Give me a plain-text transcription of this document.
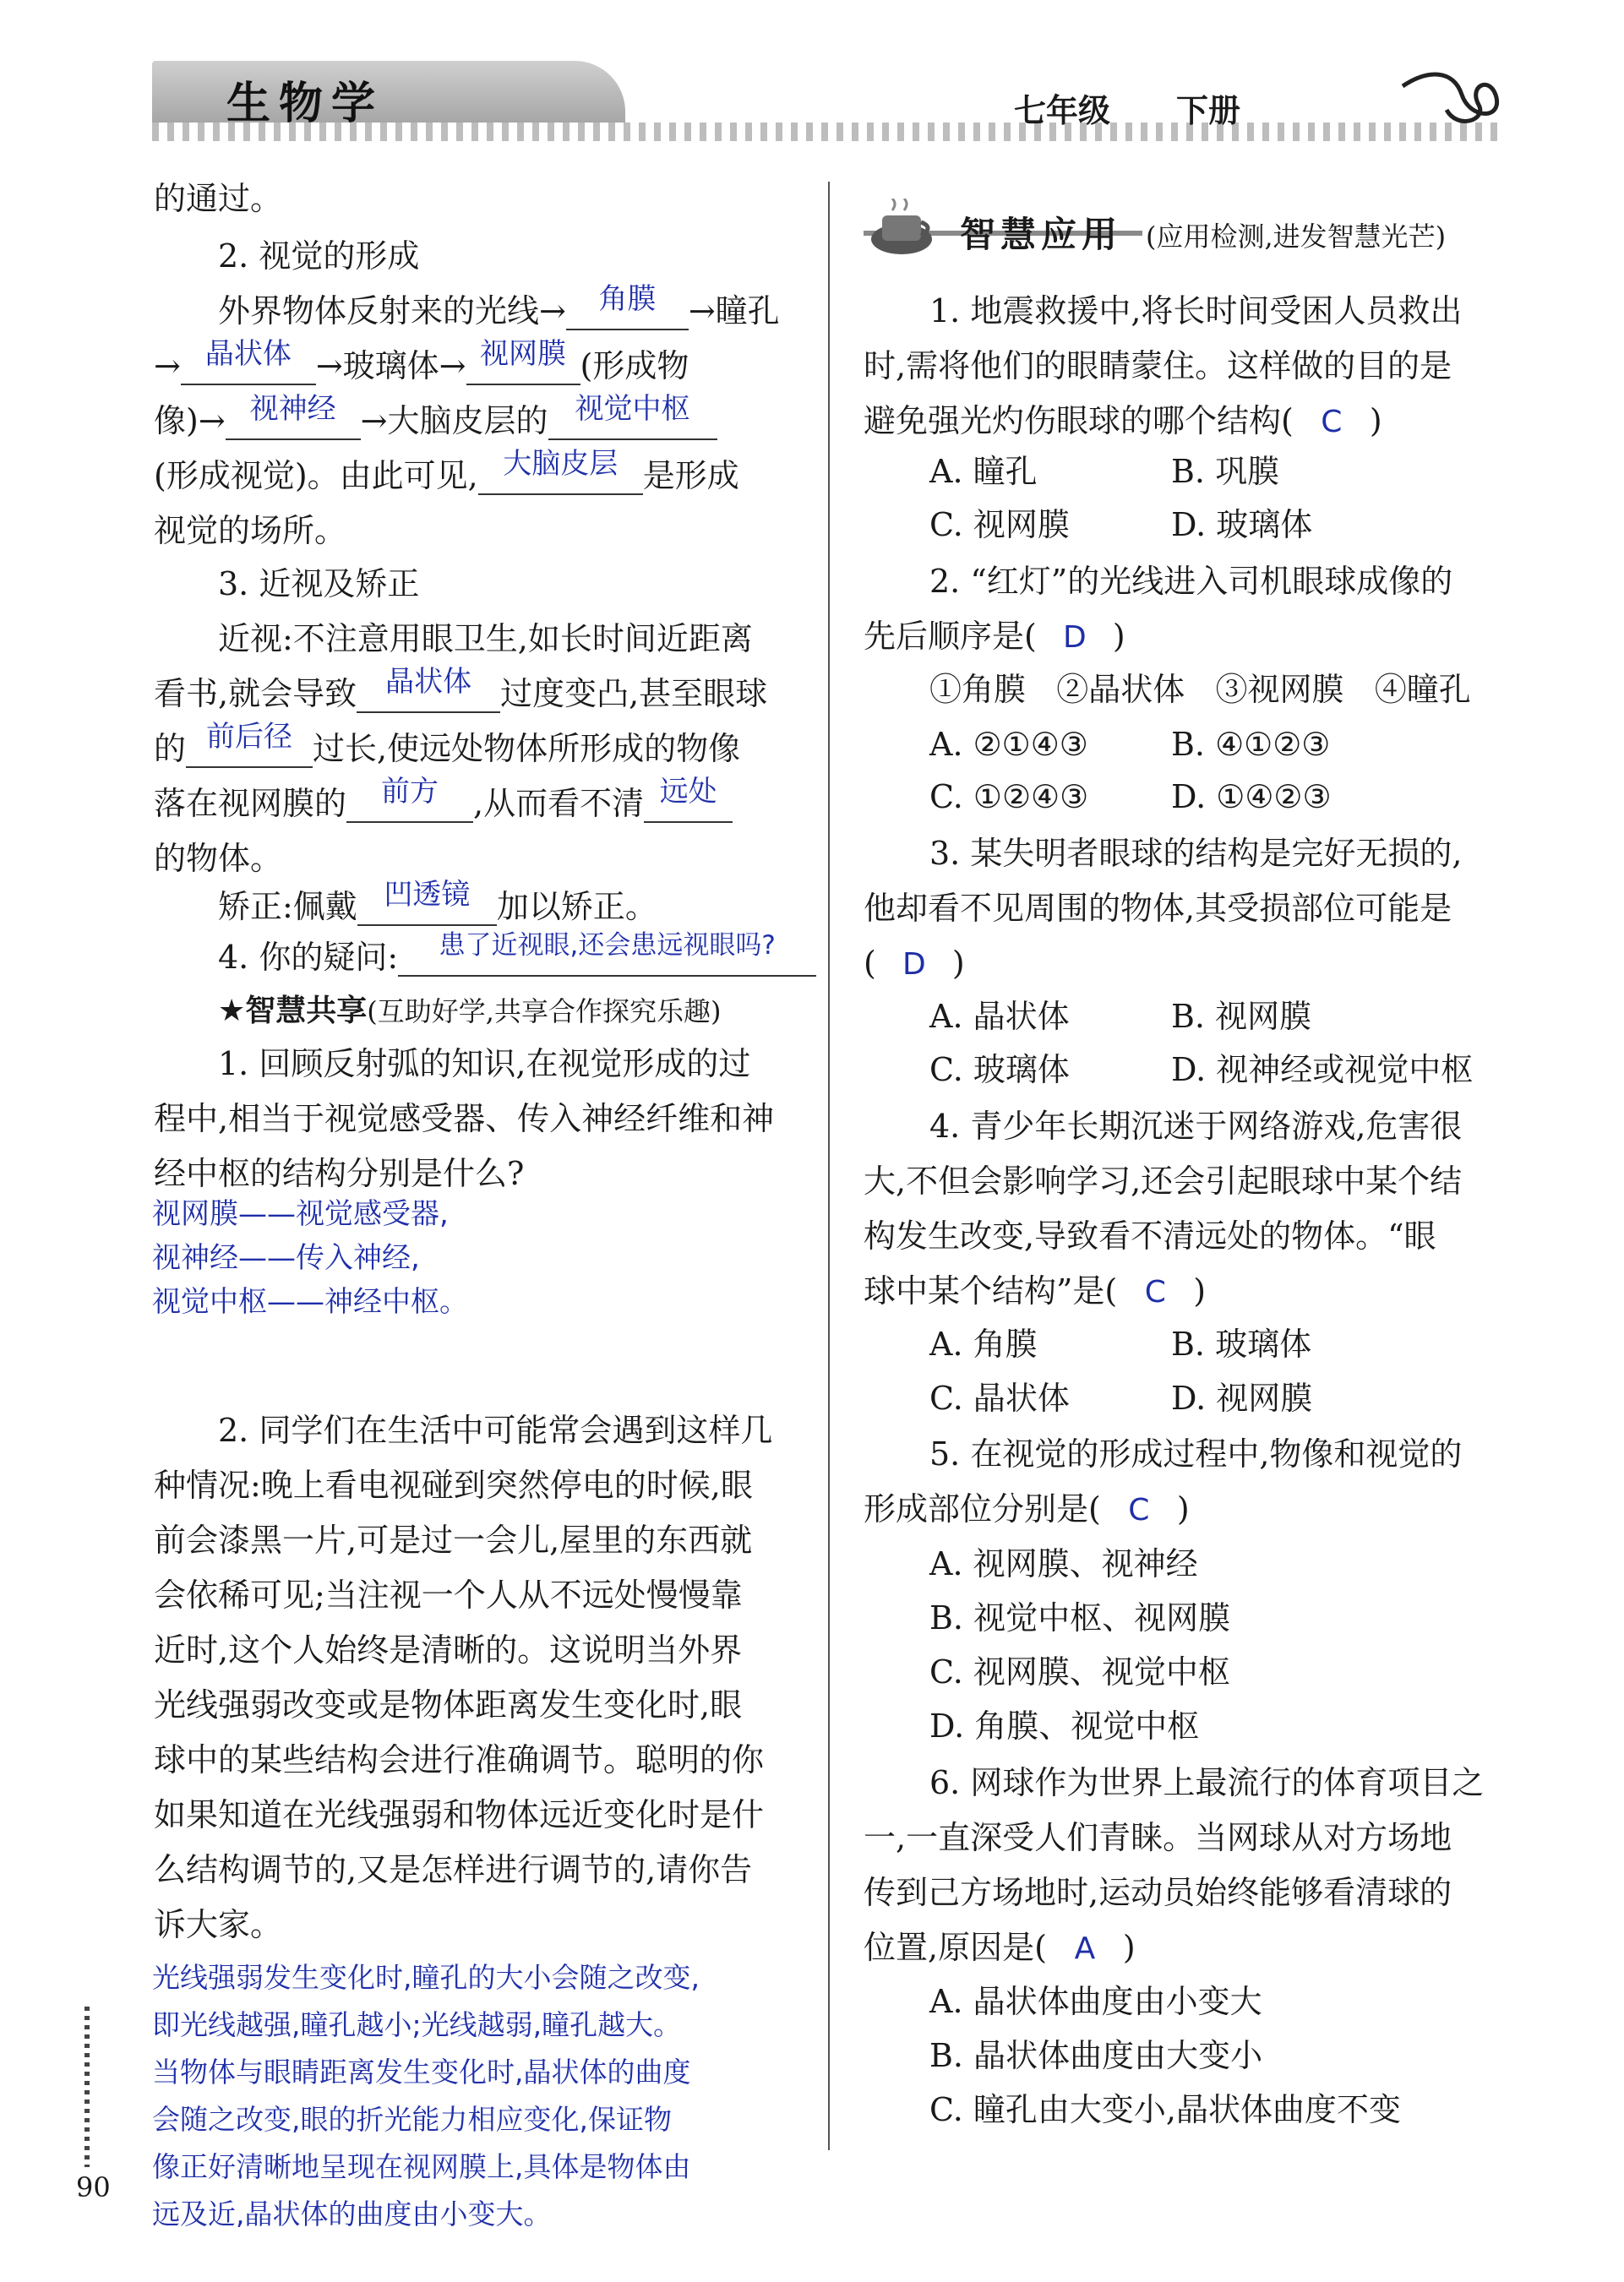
生物学	七年级 下册
的通过。
2. 视觉的形成
外界物体反射来的光线→	角膜	→瞳孔
→ 晶状体 →玻璃体→ 视网膜 (形成物
像)→ 视神经 →大脑皮层的 视觉中枢
(形成视觉)。由此可见, 大脑皮层 是形成
视觉的场所。
3. 近视及矫正
近视:不注意用眼卫生,如长时间近距离
看书,就会导致	晶状体 过度变凸,甚至眼球
的 前后径 过长,使远处物体所形成的物像
落在视网膜的	前方	,从而看不清 远处
的物体。
矫正:佩戴 凹透镜 加以矫正。
4. 你的疑问:	患了近视眼,还会患远视眼吗?
★智慧共享(互助好学,共享合作探究乐趣)
1. 回顾反射弧的知识,在视觉形成的过
程中,相当于视觉感受器、传入神经纤维和神
经中枢的结构分别是什么?
视网膜——视觉感受器,
视神经——传入神经,
视觉中枢——神经中枢。
2. 同学们在生活中可能常会遇到这样几
种情况:晚上看电视碰到突然停电的时候,眼
前会漆黑一片,可是过一会儿,屋里的东西就
会依稀可见;当注视一个人从不远处慢慢靠
近时,这个人始终是清晰的。这说明当外界
光线强弱改变或是物体距离发生变化时,眼
球中的某些结构会进行准确调节。聪明的你
如果知道在光线强弱和物体远近变化时是什
么结构调节的,又是怎样进行调节的,请你告
诉大家。
光线强弱发生变化时,瞳孔的大小会随之改变,
即光线越强,瞳孔越小;光线越弱,瞳孔越大。
当物体与眼睛距离发生变化时,晶状体的曲度
会随之改变,眼的折光能力相应变化,保证物
像正好清晰地呈现在视网膜上,具体是物体由
远及近,晶状体的曲度由小变大。
智慧应用 (应用检测,进发智慧光芒)
1. 地震救援中,将长时间受困人员救出
时,需将他们的眼睛蒙住。这样做的目的是
避免强光灼伤眼球的哪个结构( C )
A. 瞳孔	B. 巩膜
C. 视网膜	D. 玻璃体
2. “红灯”的光线进入司机眼球成像的
先后顺序是( D )
①角膜   ②晶状体   ③视网膜   ④瞳孔
A. ②①④③	B. ④①②③
C. ①②④③	D. ①④②③
3. 某失明者眼球的结构是完好无损的,
他却看不见周围的物体,其受损部位可能是
( D )
A. 晶状体	B. 视网膜
C. 玻璃体	D. 视神经或视觉中枢
4. 青少年长期沉迷于网络游戏,危害很
大,不但会影响学习,还会引起眼球中某个结
构发生改变,导致看不清远处的物体。“眼
球中某个结构”是( C )
A. 角膜	B. 玻璃体
C. 晶状体	D. 视网膜
5. 在视觉的形成过程中,物像和视觉的
形成部位分别是( C )
A. 视网膜、视神经
B. 视觉中枢、视网膜
C. 视网膜、视觉中枢
D. 角膜、视觉中枢
6. 网球作为世界上最流行的体育项目之
一,一直深受人们青睐。当网球从对方场地
传到己方场地时,运动员始终能够看清球的
位置,原因是( A )
A. 晶状体曲度由小变大
B. 晶状体曲度由大变小
C. 瞳孔由大变小,晶状体曲度不变
90
